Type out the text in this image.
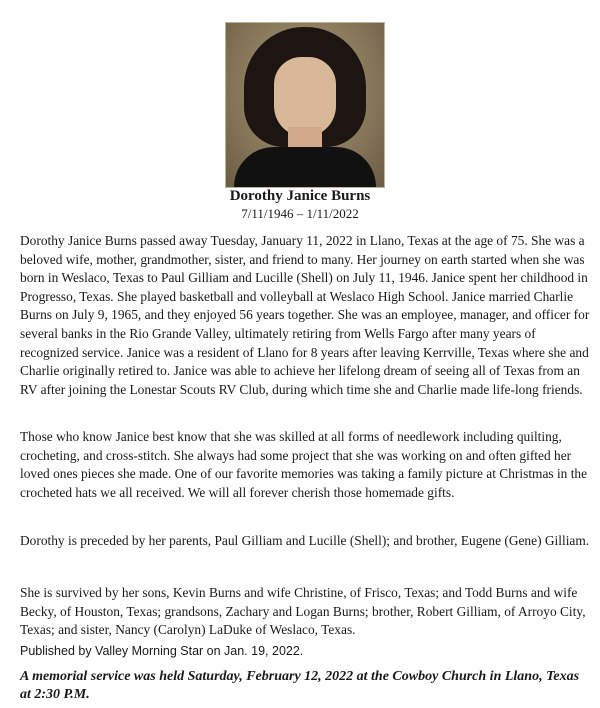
Dorothy Janice Burns
7/11/1946 – 1/11/2022

Dorothy Janice Burns passed away Tuesday, January 11, 2022 in Llano, Texas at the age of 75. She was a beloved wife, mother, grandmother, sister, and friend to many. Her journey on earth started when she was born in Weslaco, Texas to Paul Gilliam and Lucille (Shell) on July 11, 1946. Janice spent her childhood in Progresso, Texas. She played basketball and volleyball at Weslaco High School. Janice married Charlie Burns on July 9, 1965, and they enjoyed 56 years together. She was an employee, manager, and officer for several banks in the Rio Grande Valley, ultimately retiring from Wells Fargo after many years of recognized service. Janice was a resident of Llano for 8 years after leaving Kerrville, Texas where she and Charlie originally retired to. Janice was able to achieve her lifelong dream of seeing all of Texas from an RV after joining the Lonestar Scouts RV Club, during which time she and Charlie made life-long friends.

Those who know Janice best know that she was skilled at all forms of needlework including quilting, crocheting, and cross-stitch. She always had some project that she was working on and often gifted her loved ones pieces she made. One of our favorite memories was taking a family picture at Christmas in the crocheted hats we all received. We will all forever cherish those homemade gifts.

Dorothy is preceded by her parents, Paul Gilliam and Lucille (Shell); and brother, Eugene (Gene) Gilliam.

She is survived by her sons, Kevin Burns and wife Christine, of Frisco, Texas; and Todd Burns and wife Becky, of Houston, Texas; grandsons, Zachary and Logan Burns; brother, Robert Gilliam, of Arroyo City, Texas; and sister, Nancy (Carolyn) LaDuke of Weslaco, Texas.

Published by Valley Morning Star on Jan. 19, 2022.

A memorial service was held Saturday, February 12, 2022 at the Cowboy Church in Llano, Texas at 2:30 P.M.
